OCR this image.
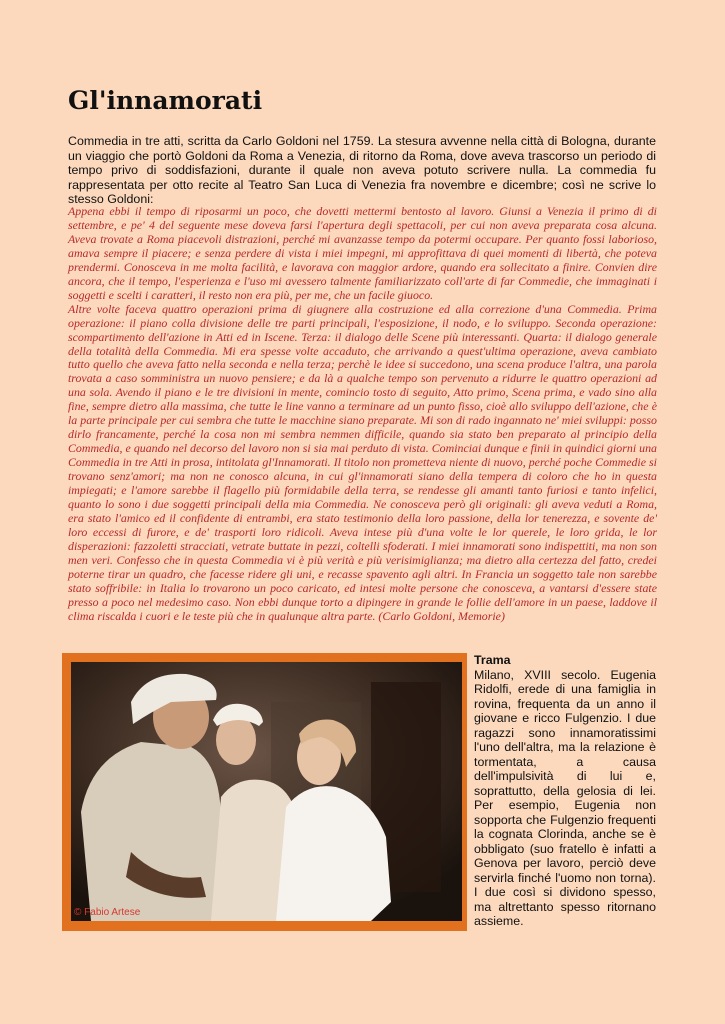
Gl'innamorati

Commedia in tre atti, scritta da Carlo Goldoni nel 1759. La stesura avvenne nella città di Bologna, durante un viaggio che portò Goldoni da Roma a Venezia, di ritorno da Roma, dove aveva trascorso un periodo di tempo privo di soddisfazioni, durante il quale non aveva potuto scrivere nulla. La commedia fu rappresentata per otto recite al Teatro San Luca di Venezia fra novembre e dicembre; così ne scrive lo stesso Goldoni:

Appena ebbi il tempo di riposarmi un poco, che dovetti mettermi bentosto al lavoro. Giunsi a Venezia il primo di di settembre, e pe' 4 del seguente mese doveva farsi l'apertura degli spettacoli, per cui non aveva preparata cosa alcuna. Aveva trovate a Roma piacevoli distrazioni, perché mi avanzasse tempo da potermi occupare. Per quanto fossi laborioso, amava sempre il piacere; e senza perdere di vista i miei impegni, mi approfittava di quei momenti di libertà, che poteva prendermi. Conosceva in me molta facilità, e lavorava con maggior ardore, quando era sollecitato a finire. Convien dire ancora, che il tempo, l'esperienza e l'uso mi avessero talmente familiarizzato coll'arte di far Commedie, che immaginati i soggetti e scelti i caratteri, il resto non era più, per me, che un facile giuoco.

Altre volte faceva quattro operazioni prima di giugnere alla costruzione ed alla correzione d'una Commedia. Prima operazione: il piano colla divisione delle tre parti principali, l'esposizione, il nodo, e lo sviluppo. Seconda operazione: scompartimento dell'azione in Atti ed in Iscene. Terza: il dialogo delle Scene più interessanti. Quarta: il dialogo generale della totalità della Commedia. Mi era spesse volte accaduto, che arrivando a quest'ultima operazione, aveva cambiato tutto quello che aveva fatto nella seconda e nella terza; perchè le idee si succedono, una scena produce l'altra, una parola trovata a caso somministra un nuovo pensiere; e da là a qualche tempo son pervenuto a ridurre le quattro operazioni ad una sola. Avendo il piano e le tre divisioni in mente, comincio tosto di seguito, Atto primo, Scena prima, e vado sino alla fine, sempre dietro alla massima, che tutte le line vanno a terminare ad un punto fisso, cioè allo sviluppo dell'azione, che è la parte principale per cui sembra che tutte le macchine siano preparate. Mi son di rado ingannato ne' miei sviluppi: posso dirlo francamente, perché la cosa non mi sembra nemmen difficile, quando sia stato ben preparato al principio della Commedia, e quando nel decorso del lavoro non si sia mai perduto di vista. Cominciai dunque e finii in quindici giorni una Commedia in tre Atti in prosa, intitolata gl'Innamorati. Il titolo non prometteva niente di nuovo, perché poche Commedie si trovano senz'amori; ma non ne conosco alcuna, in cui gl'innamorati siano della tempera di coloro che ho in questa impiegati; e l'amore sarebbe il flagello più formidabile della terra, se rendesse gli amanti tanto furiosi e tanto infelici, quanto lo sono i due soggetti principali della mia Commedia. Ne conosceva però gli originali: gli aveva veduti a Roma, era stato l'amico ed il confidente di entrambi, era stato testimonio della loro passione, della lor tenerezza, e sovente de' loro eccessi di furore, e de' trasporti loro ridicoli. Aveva intese più d'una volte le lor querele, le loro grida, le lor disperazioni: fazzoletti stracciati, vetrate buttate in pezzi, coltelli sfoderati. I miei innamorati sono indispettiti, ma non son men veri. Confesso che in questa Commedia vi è più verità e più verisimiglianza; ma dietro alla certezza del fatto, credei poterne tirar un quadro, che facesse ridere gli uni, e recasse spavento agli altri. In Francia un soggetto tale non sarebbe stato soffribile: in Italia lo trovarono un poco caricato, ed intesi molte persone che conosceva, a vantarsi d'essere state presso a poco nel medesimo caso. Non ebbi dunque torto a dipingere in grande le follie dell'amore in un paese, laddove il clima riscalda i cuori e le teste più che in qualunque altra parte. (Carlo Goldoni, Memorie)

© Fabio Artese

Trama

Milano, XVIII secolo. Eugenia Ridolfi, erede di una famiglia in rovina, frequenta da un anno il giovane e ricco Fulgenzio. I due ragazzi sono innamoratissimi l'uno dell'altra, ma la relazione è tormentata, a causa dell'impulsività di lui e, soprattutto, della gelosia di lei. Per esempio, Eugenia non sopporta che Fulgenzio frequenti la cognata Clorinda, anche se è obbligato (suo fratello è infatti a Genova per lavoro, perciò deve servirla finché l'uomo non torna). I due così si dividono spesso, ma altrettanto spesso ritornano assieme.
